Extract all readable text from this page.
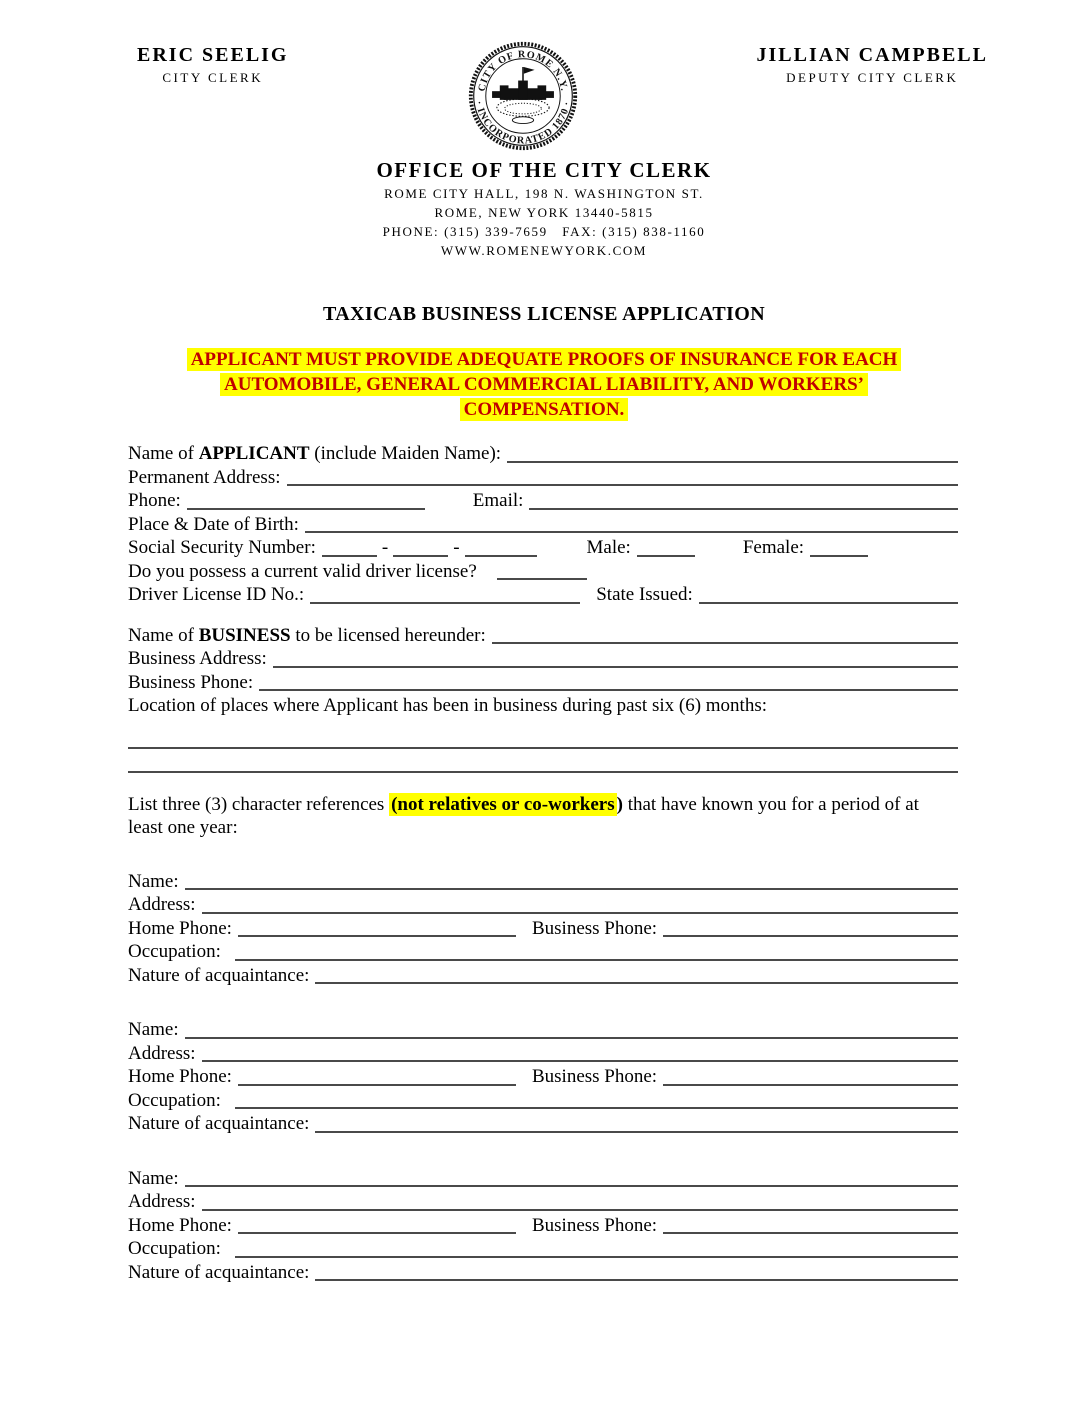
ERIC SEELIG
CITY CLERK
CITY OF ROME N.Y.
· INCORPORATED 1870 ·
JILLIAN CAMPBELL
DEPUTY CITY CLERK
OFFICE OF THE CITY CLERK
ROME CITY HALL, 198 N. WASHINGTON ST.
ROME, NEW YORK 13440-5815
PHONE: (315) 339-7659   FAX: (315) 838-1160
WWW.ROMENEWYORK.COM
TAXICAB BUSINESS LICENSE APPLICATION
APPLICANT MUST PROVIDE ADEQUATE PROOFS OF INSURANCE FOR EACH
AUTOMOBILE, GENERAL COMMERCIAL LIABILITY, AND WORKERS’
COMPENSATION.
Name of APPLICANT (include Maiden Name):
Permanent Address:
Phone:	Email:
Place & Date of Birth:
Social Security Number:	-	-	Male:	Female:
Do you possess a current valid driver license?
Driver License ID No.:	State Issued:
Name of BUSINESS to be licensed hereunder:
Business Address:
Business Phone:
Location of places where Applicant has been in business during past six (6) months:
List three (3) character references (not relatives or co-workers ) that have known you for a period of at least one year:
Name:
Address:
Home Phone:	Business Phone:
Occupation:
Nature of acquaintance:
Name:
Address:
Home Phone:	Business Phone:
Occupation:
Nature of acquaintance:
Name:
Address:
Home Phone:	Business Phone:
Occupation:
Nature of acquaintance:
